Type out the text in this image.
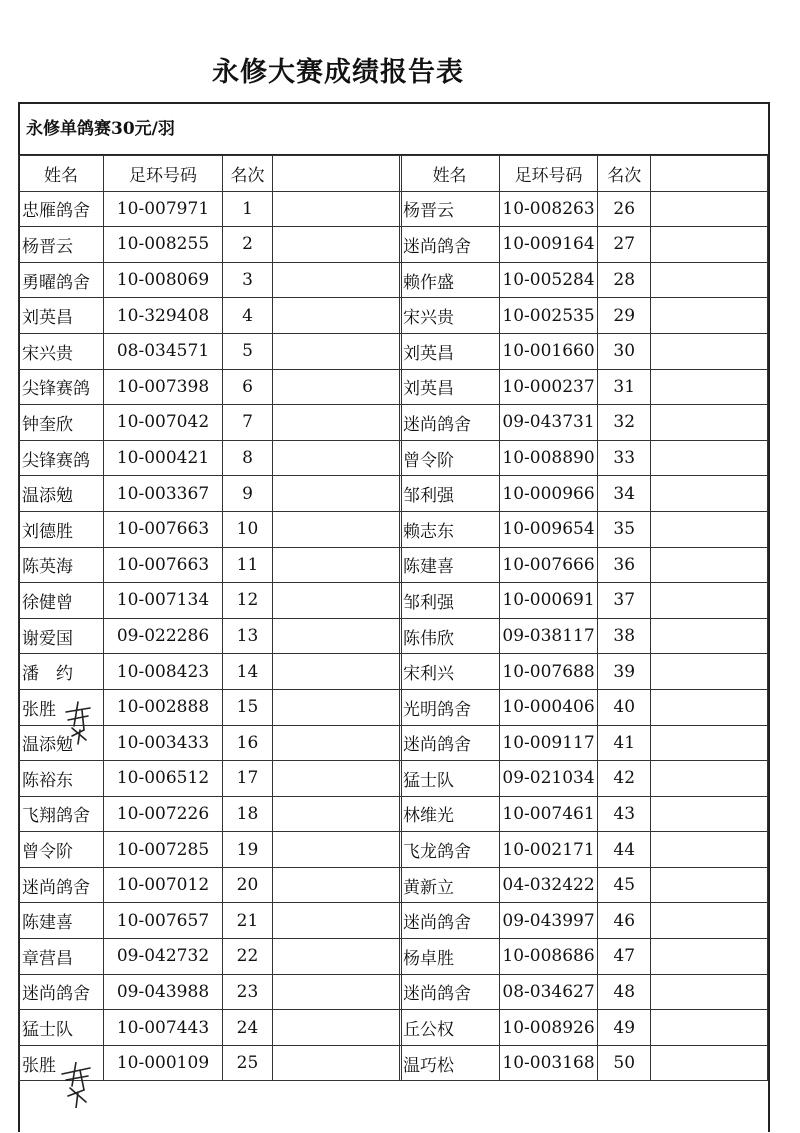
永修大赛成绩报告表
永修单鸽赛30元/羽
姓名	足环号码	名次	
忠雁鸽舍	10-007971	1	
杨晋云	10-008255	2	
勇曜鸽舍	10-008069	3	
刘英昌	10-329408	4	
宋兴贵	08-034571	5	
尖锋赛鸽	10-007398	6	
钟奎欣	10-007042	7	
尖锋赛鸽	10-000421	8	
温添勉	10-003367	9	
刘德胜	10-007663	10	
陈英海	10-007663	11	
徐健曾	10-007134	12	
谢爱国	09-022286	13	
潘　约	10-008423	14	
张胜	10-002888	15	
温添勉	10-003433	16	
陈裕东	10-006512	17	
飞翔鸽舍	10-007226	18	
曾令阶	10-007285	19	
迷尚鸽舍	10-007012	20	
陈建喜	10-007657	21	
章营昌	09-042732	22	
迷尚鸽舍	09-043988	23	
猛士队	10-007443	24	
张胜	10-000109	25	
姓名	足环号码	名次	
杨晋云	10-008263	26	
迷尚鸽舍	10-009164	27	
赖作盛	10-005284	28	
宋兴贵	10-002535	29	
刘英昌	10-001660	30	
刘英昌	10-000237	31	
迷尚鸽舍	09-043731	32	
曾令阶	10-008890	33	
邹利强	10-000966	34	
赖志东	10-009654	35	
陈建喜	10-007666	36	
邹利强	10-000691	37	
陈伟欣	09-038117	38	
宋利兴	10-007688	39	
光明鸽舍	10-000406	40	
迷尚鸽舍	10-009117	41	
猛士队	09-021034	42	
林维光	10-007461	43	
飞龙鸽舍	10-002171	44	
黄新立	04-032422	45	
迷尚鸽舍	09-043997	46	
杨卓胜	10-008686	47	
迷尚鸽舍	08-034627	48	
丘公权	10-008926	49	
温巧松	10-003168	50	
